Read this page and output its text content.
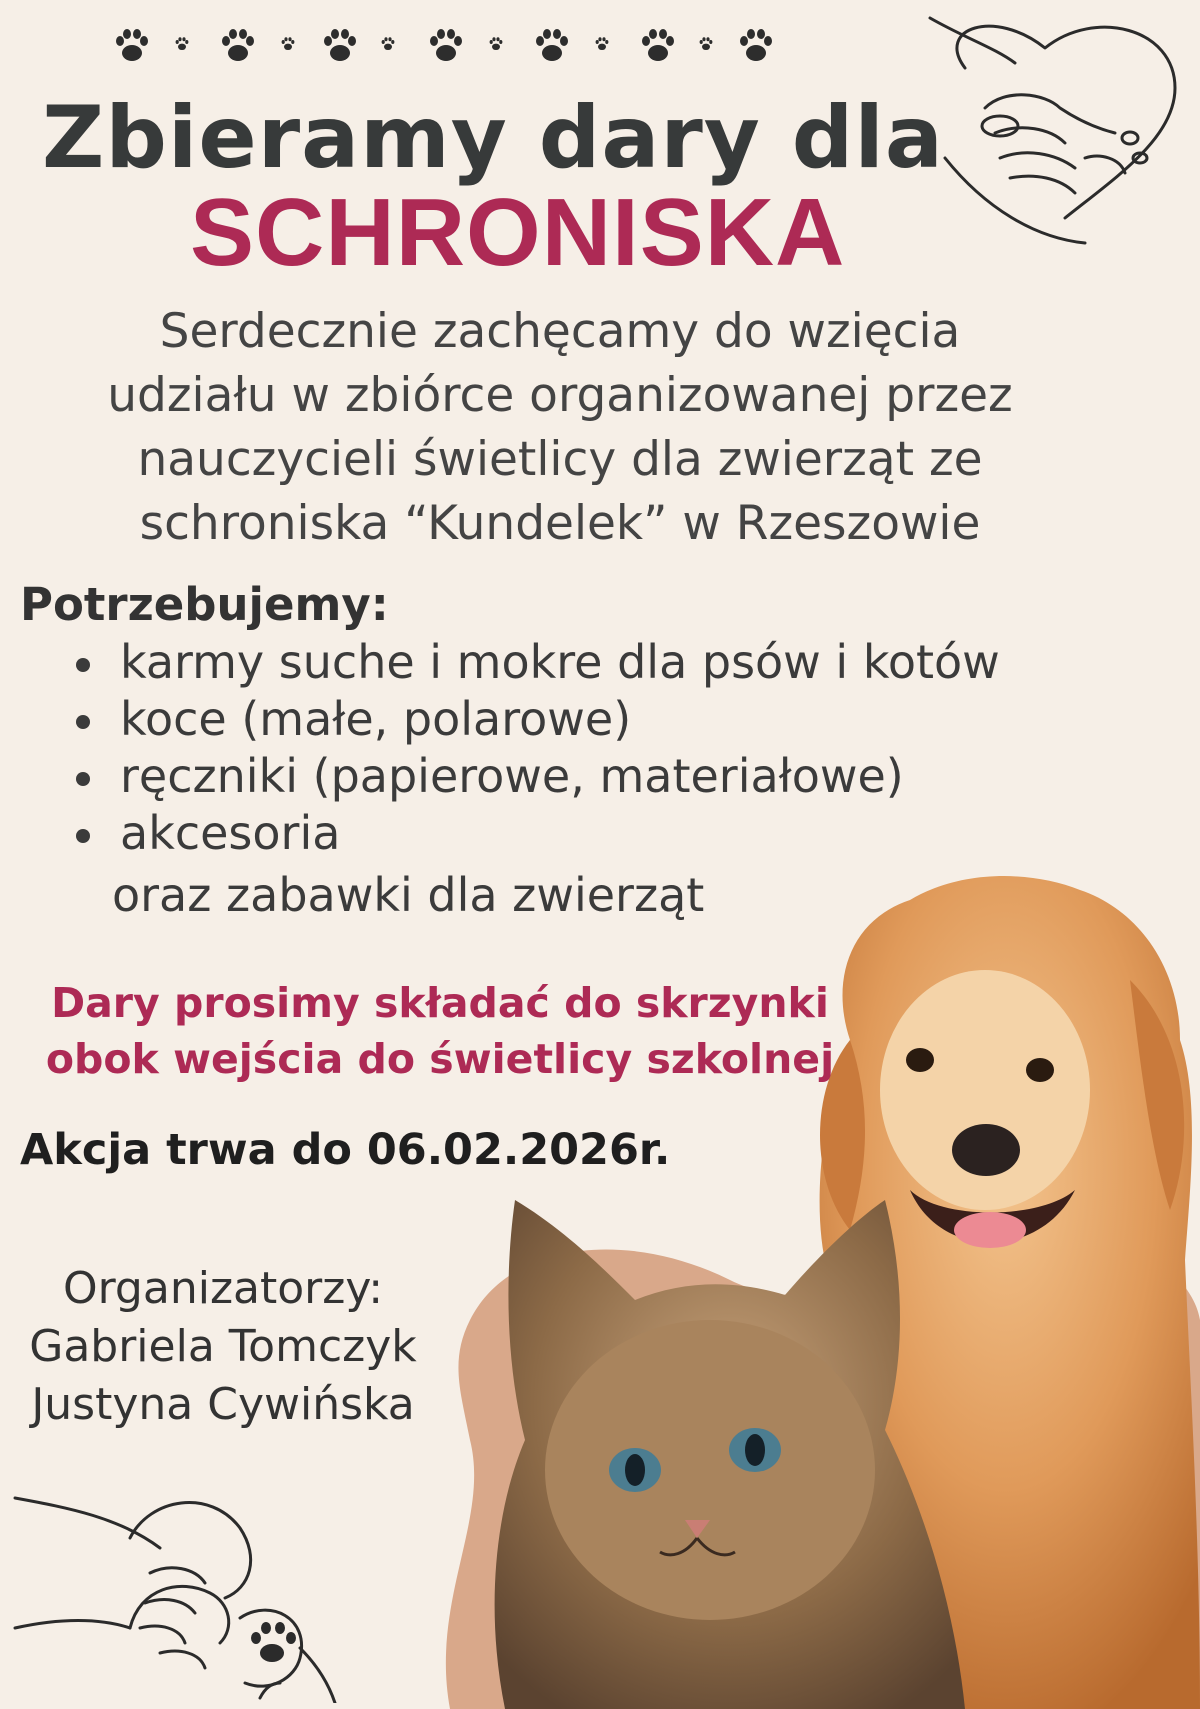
Zbieramy dary dla
SCHRONISKA
Serdecznie zachęcamy do wzięcia
udziału w zbiórce organizowanej przez
nauczycieli świetlicy dla zwierząt ze
schroniska “Kundelek” w Rzeszowie
Potrzebujemy:
karmy suche i mokre dla psów i kotów
koce (małe, polarowe)
ręczniki (papierowe, materiałowe)
akcesoria
oraz zabawki dla zwierząt
Dary prosimy składać do skrzynki
obok wejścia do świetlicy szkolnej
Akcja trwa do 06.02.2026r.
Organizatorzy:
Gabriela Tomczyk
Justyna Cywińska
